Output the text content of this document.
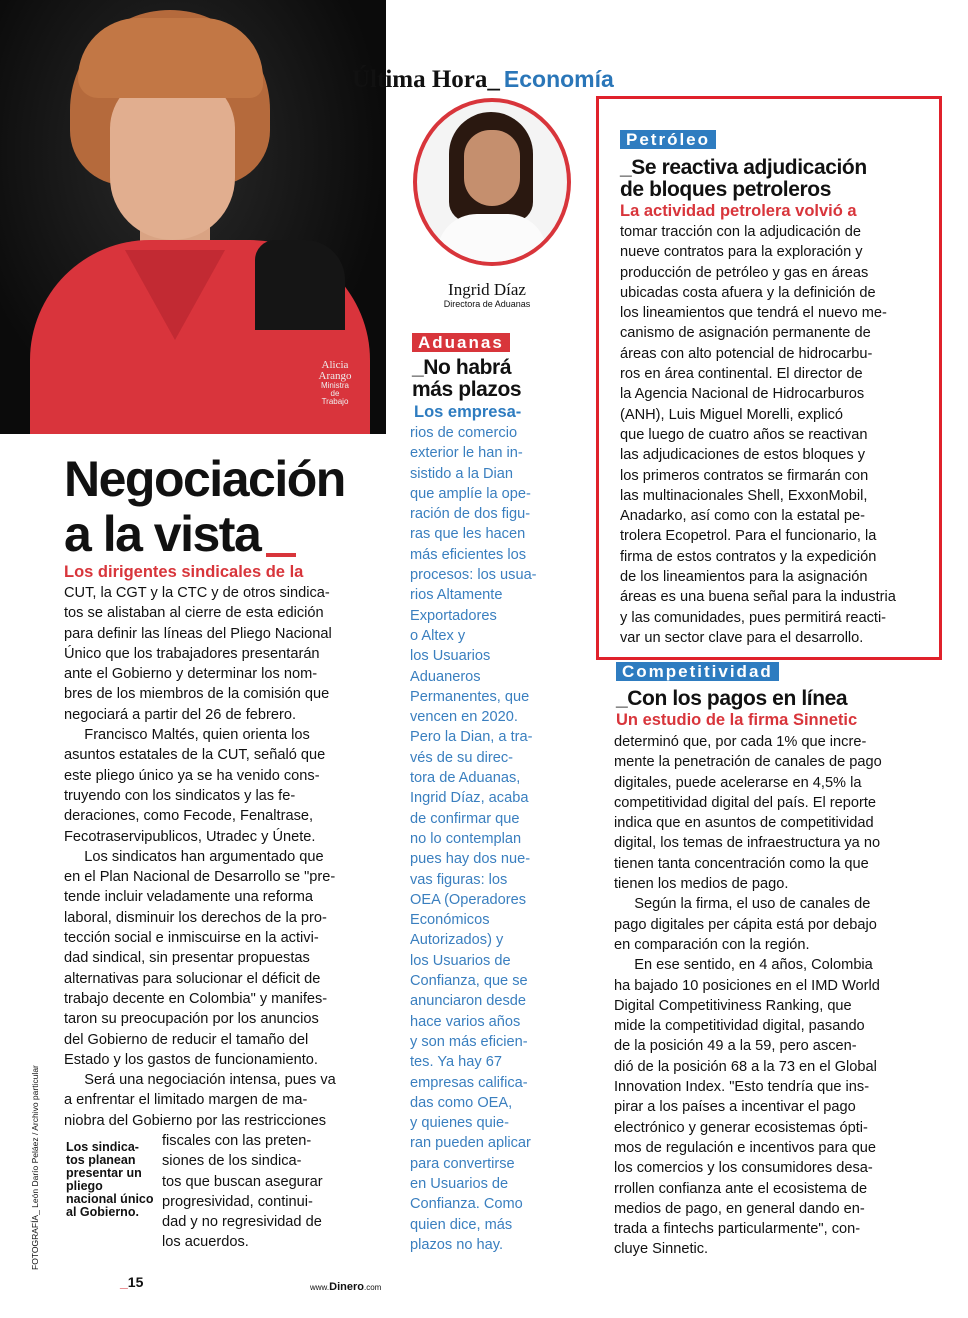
Alicia
Arango
Ministra
de
Trabajo
Última Hora_ Economía
Ingrid Díaz
Directora de Aduanas
Negociación
a la vista
Los dirigentes sindicales de la
CUT, la CGT y la CTC y de otros sindica-
tos se alistaban al cierre de esta edición
para definir las líneas del Pliego Nacional
Único que los trabajadores presentarán
ante el Gobierno y determinar los nom-
bres de los miembros de la comisión que
negociará a partir del 26 de febrero.
Francisco Maltés, quien orienta los
asuntos estatales de la CUT, señaló que
este pliego único ya se ha venido cons-
truyendo con los sindicatos y las fe-
deraciones, como Fecode, Fenaltrase,
Fecotraservipublicos, Utradec y Únete.
Los sindicatos han argumentado que
en el Plan Nacional de Desarrollo se "pre-
tende incluir veladamente una reforma
laboral, disminuir los derechos de la pro-
tección social e inmiscuirse en la activi-
dad sindical, sin presentar propuestas
alternativas para solucionar el déficit de
trabajo decente en Colombia" y manifes-
taron su preocupación por los anuncios
del Gobierno de reducir el tamaño del
Estado y los gastos de funcionamiento.
Será una negociación intensa, pues va
a enfrentar el limitado margen de ma-
niobra del Gobierno por las restricciones
fiscales con las preten-
siones de los sindica-
tos que buscan asegurar
progresividad, continui-
dad y no regresividad de
los acuerdos.
Los sindica-tos planean presentar un pliego nacional único al Gobierno.
FOTOGRAFÍA_ León Darío Peláez / Archivo particular
Aduanas
_No habrá
más plazos
Los empresa-
rios de comercio
exterior le han in-
sistido a la Dian
que amplíe la ope-
ración de dos figu-
ras que les hacen
más eficientes los
procesos: los usua-
rios Altamente
Exportadores
o Altex y
los Usuarios
Aduaneros
Permanentes, que
vencen en 2020.
Pero la Dian, a tra-
vés de su direc-
tora de Aduanas,
Ingrid Díaz, acaba
de confirmar que
no lo contemplan
pues hay dos nue-
vas figuras: los
OEA (Operadores
Económicos
Autorizados) y
los Usuarios de
Confianza, que se
anunciaron desde
hace varios años
y son más eficien-
tes. Ya hay 67
empresas califica-
das como OEA,
y quienes quie-
ran pueden aplicar
para convertirse
en Usuarios de
Confianza. Como
quien dice, más
plazos no hay.
Petróleo
_Se reactiva adjudicación
de bloques petroleros
La actividad petrolera volvió a
tomar tracción con la adjudicación de
nueve contratos para la exploración y
producción de petróleo y gas en áreas
ubicadas costa afuera y la definición de
los lineamientos que tendrá el nuevo me-
canismo de asignación permanente de
áreas con alto potencial de hidrocarbu-
ros en área continental. El director de
la Agencia Nacional de Hidrocarburos
(ANH), Luis Miguel Morelli, explicó
que luego de cuatro años se reactivan
las adjudicaciones de estos bloques y
los primeros contratos se firmarán con
las multinacionales Shell, ExxonMobil,
Anadarko, así como con la estatal pe-
trolera Ecopetrol. Para el funcionario, la
firma de estos contratos y la expedición
de los lineamientos para la asignación
áreas es una buena señal para la industria
y las comunidades, pues permitirá reacti-
var un sector clave para el desarrollo.
Competitividad
_Con los pagos en línea
Un estudio de la firma Sinnetic
determinó que, por cada 1% que incre-
mente la penetración de canales de pago
digitales, puede acelerarse en 4,5% la
competitividad digital del país. El reporte
indica que en asuntos de competitividad
digital, los temas de infraestructura ya no
tienen tanta concentración como la que
tienen los medios de pago.
Según la firma, el uso de canales de
pago digitales per cápita está por debajo
en comparación con la región.
En ese sentido, en 4 años, Colombia
ha bajado 10 posiciones en el IMD World
Digital Competitiviness Ranking, que
mide la competitividad digital, pasando
de la posición 49 a la 59, pero ascen-
dió de la posición 68 a la 73 en el Global
Innovation Index. "Esto tendría que ins-
pirar a los países a incentivar el pago
electrónico y generar ecosistemas ópti-
mos de regulación e incentivos para que
los comercios y los consumidores desa-
rrollen confianza ante el ecosistema de
medios de pago, en general dando en-
trada a fintechs particularmente", con-
cluye Sinnetic.
_15	www.Dinero.com
